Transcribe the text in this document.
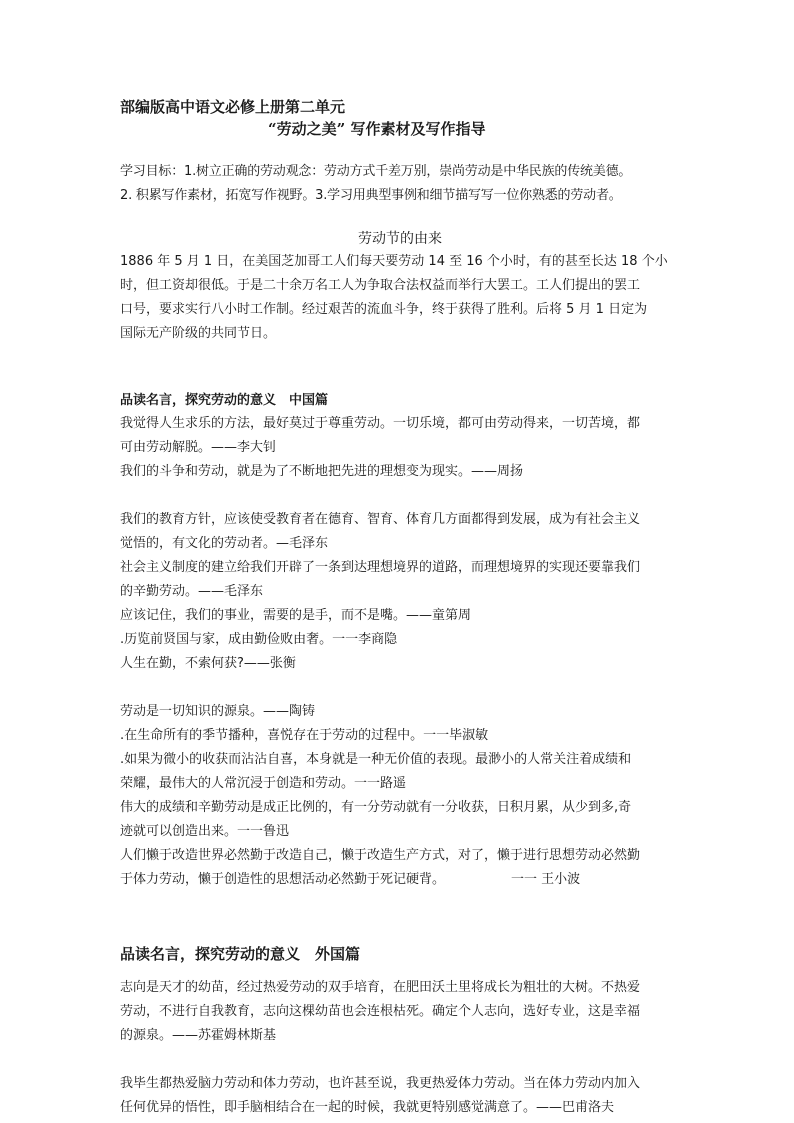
部编版高中语文必修上册第二单元
“劳动之美” 写作素材及写作指导

学习目标：1.树立正确的劳动观念：劳动方式千差万别，崇尚劳动是中华民族的传统美德。

2. 积累写作素材，拓宽写作视野。3.学习用典型事例和细节描写写一位你熟悉的劳动者。

劳动节的由来

1886 年 5 月 1 日，在美国芝加哥工人们每天要劳动 14 至 16 个小时，有的甚至长达 18 个小

时，但工资却很低。于是二十余万名工人为争取合法权益而举行大罢工。工人们提出的罢工

口号，要求实行八小时工作制。经过艰苦的流血斗争，终于获得了胜利。后将 5 月 1 日定为

国际无产阶级的共同节日。

品读名言，探究劳动的意义　中国篇

我觉得人生求乐的方法，最好莫过于尊重劳动。一切乐境，都可由劳动得来，一切苦境，都

可由劳动解脱。——李大钊

我们的斗争和劳动，就是为了不断地把先进的理想变为现实。——周扬

我们的教育方针，应该使受教育者在德育、智育、体育几方面都得到发展，成为有社会主义

觉悟的，有文化的劳动者。—毛泽东

社会主义制度的建立给我们开辟了一条到达理想境界的道路，而理想境界的实现还要靠我们

的辛勤劳动。——毛泽东

应该记住，我们的事业，需要的是手，而不是嘴。——童第周

.历览前贤国与家，成由勤俭败由奢。一一李商隐

人生在勤，不索何获?——张衡

劳动是一切知识的源泉。——陶铸

.在生命所有的季节播种，喜悦存在于劳动的过程中。一一毕淑敏

.如果为微小的收获而沾沾自喜，本身就是一种无价值的表现。最渺小的人常关注着成绩和

荣耀，最伟大的人常沉浸于创造和劳动。一一路遥

伟大的成绩和辛勤劳动是成正比例的，有一分劳动就有一分收获，日积月累，从少到多,奇

迹就可以创造出来。一一鲁迅

人们懒于改造世界必然勤于改造自己，懒于改造生产方式，对了，懒于进行思想劳动必然勤

于体力劳动，懒于创造性的思想活动必然勤于死记硬背。	一一 王小波

品读名言，探究劳动的意义　外国篇

志向是天才的幼苗，经过热爱劳动的双手培育，在肥田沃土里将成长为粗壮的大树。不热爱

劳动，不进行自我教育，志向这棵幼苗也会连根枯死。确定个人志向，选好专业，这是幸福

的源泉。——苏霍姆林斯基

我毕生都热爱脑力劳动和体力劳动，也许甚至说，我更热爱体力劳动。当在体力劳动内加入

任何优异的悟性，即手脑相结合在一起的时候，我就更特别感觉满意了。——巴甫洛夫
